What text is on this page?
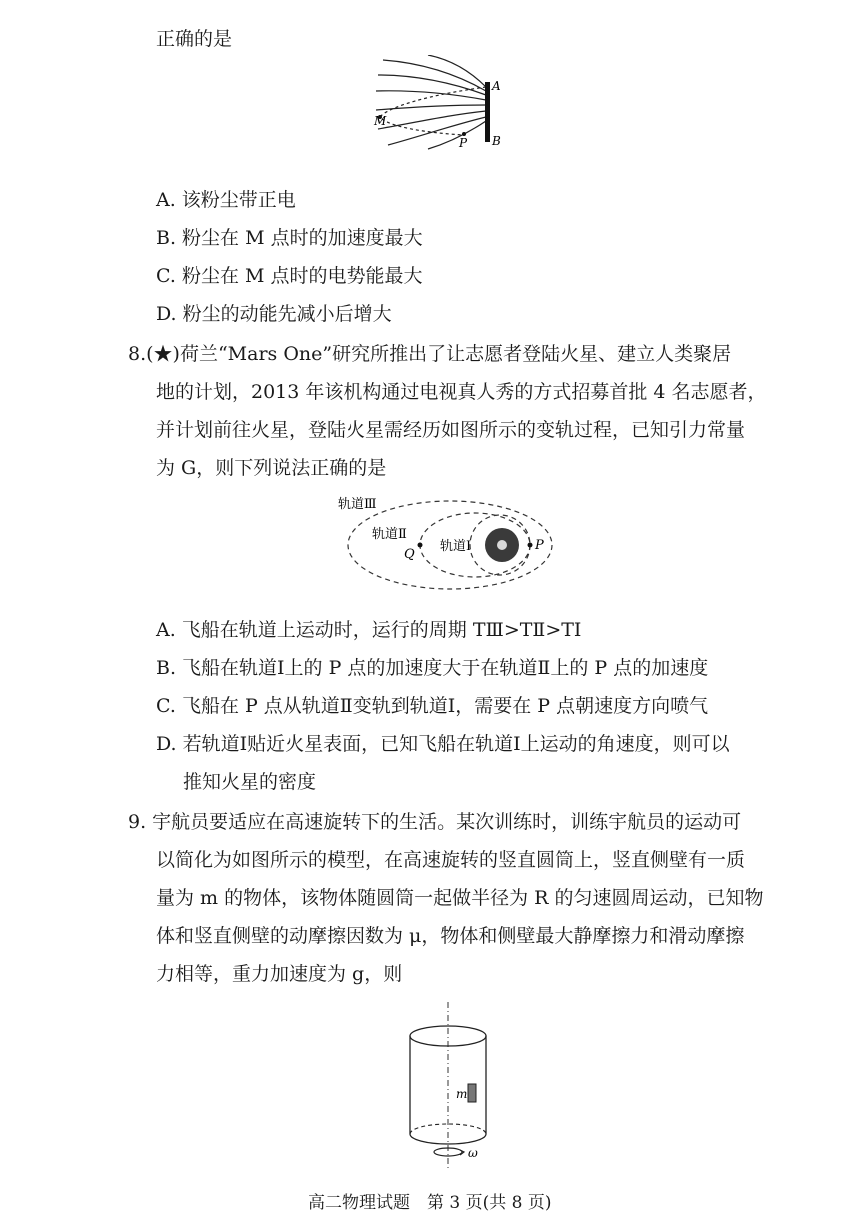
正确的是
A
B
M
P
A. 该粉尘带正电
B. 粉尘在 M 点时的加速度最大
C. 粉尘在 M 点时的电势能最大
D. 粉尘的动能先减小后增大
8.(★)荷兰“Mars One”研究所推出了让志愿者登陆火星、建立人类聚居
地的计划，2013 年该机构通过电视真人秀的方式招募首批 4 名志愿者，
并计划前往火星，登陆火星需经历如图所示的变轨过程，已知引力常量
为 G，则下列说法正确的是
轨道Ⅲ
轨道Ⅱ
轨道Ⅰ
Q
P
A. 飞船在轨道上运动时，运行的周期 TⅢ>TⅡ>TⅠ
B. 飞船在轨道Ⅰ上的 P 点的加速度大于在轨道Ⅱ上的 P 点的加速度
C. 飞船在 P 点从轨道Ⅱ变轨到轨道Ⅰ，需要在 P 点朝速度方向喷气
D. 若轨道Ⅰ贴近火星表面，已知飞船在轨道Ⅰ上运动的角速度，则可以
推知火星的密度
9. 宇航员要适应在高速旋转下的生活。某次训练时，训练宇航员的运动可
以简化为如图所示的模型，在高速旋转的竖直圆筒上，竖直侧壁有一质
量为 m 的物体，该物体随圆筒一起做半径为 R 的匀速圆周运动，已知物
体和竖直侧壁的动摩擦因数为 μ，物体和侧壁最大静摩擦力和滑动摩擦
力相等，重力加速度为 g，则
m
ω
高二物理试题　第 3 页(共 8 页)
